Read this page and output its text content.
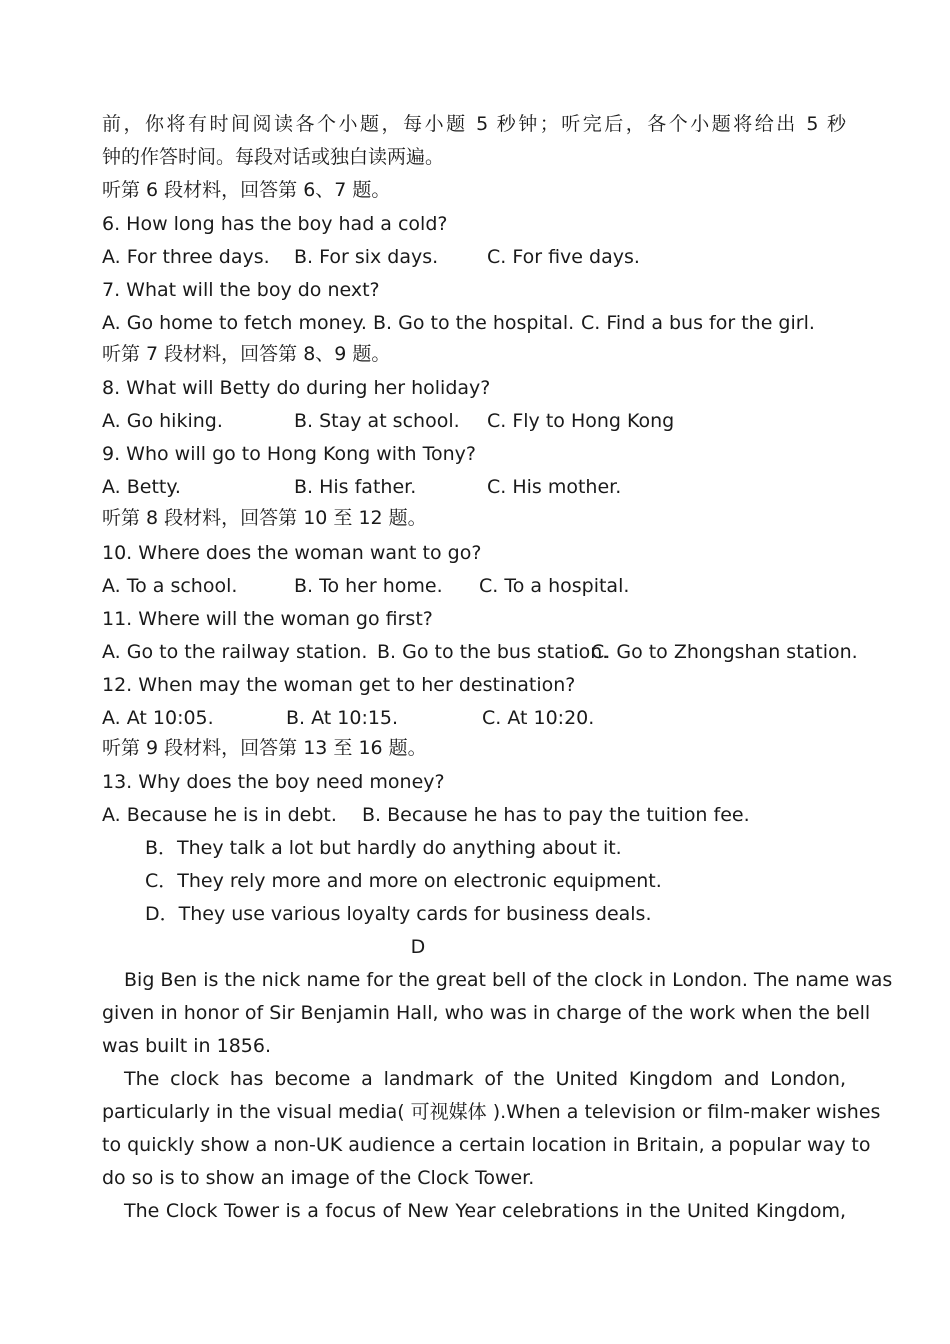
前，你将有时间阅读各个小题，每小题 5 秒钟；听完后，各个小题将给出 5 秒
钟的作答时间。每段对话或独白读两遍。
听第 6 段材料，回答第 6、7 题。
6. How long has the boy had a cold?

A. For three days.

B. For six days.

	C. For five days.

7. What will the boy do next?

A. Go home to fetch money.

B. Go to the hospital.

C. Find a bus for the girl.

听第 7 段材料，回答第 8、9 题。
8. What will Betty do during her holiday?

A. Go hiking.

	B. Stay at school.

C. Fly to Hong Kong

9. Who will go to Hong Kong with Tony?

A. Betty.

	B. His father.

	C. His mother.

听第 8 段材料，回答第 10 至 12 题。
10. Where does the woman want to go?

A. To a school.

	B. To her home.

C. To a hospital.

11. Where will the woman go first?

A. Go to the railway station.

B. Go to the bus station.

C. Go to Zhongshan station.

12. When may the woman get to her destination?

A. At 10:05.

	B. At 10:15.

	C. At 10:20.

听第 9 段材料，回答第 13 至 16 题。
13. Why does the boy need money?

A. Because he is in debt.

B. Because he has to pay the tuition fee.

B．They talk a lot but hardly do anything about it.
C．They rely more and more on electronic equipment.
D．They use various loyalty cards for business deals.
D
Big Ben is the nick name for the great bell of the clock in London. The name was
given in honor of Sir Benjamin Hall, who was in charge of the work when the bell
was built in 1856.
The clock has become a landmark of the United Kingdom and London,
particularly in the visual media( 可视媒体 ).When a television or film-maker wishes
to quickly show a non-UK audience a certain location in Britain, a popular way to
do so is to show an image of the Clock Tower.
The Clock Tower is a focus of New Year celebrations in the United Kingdom,
